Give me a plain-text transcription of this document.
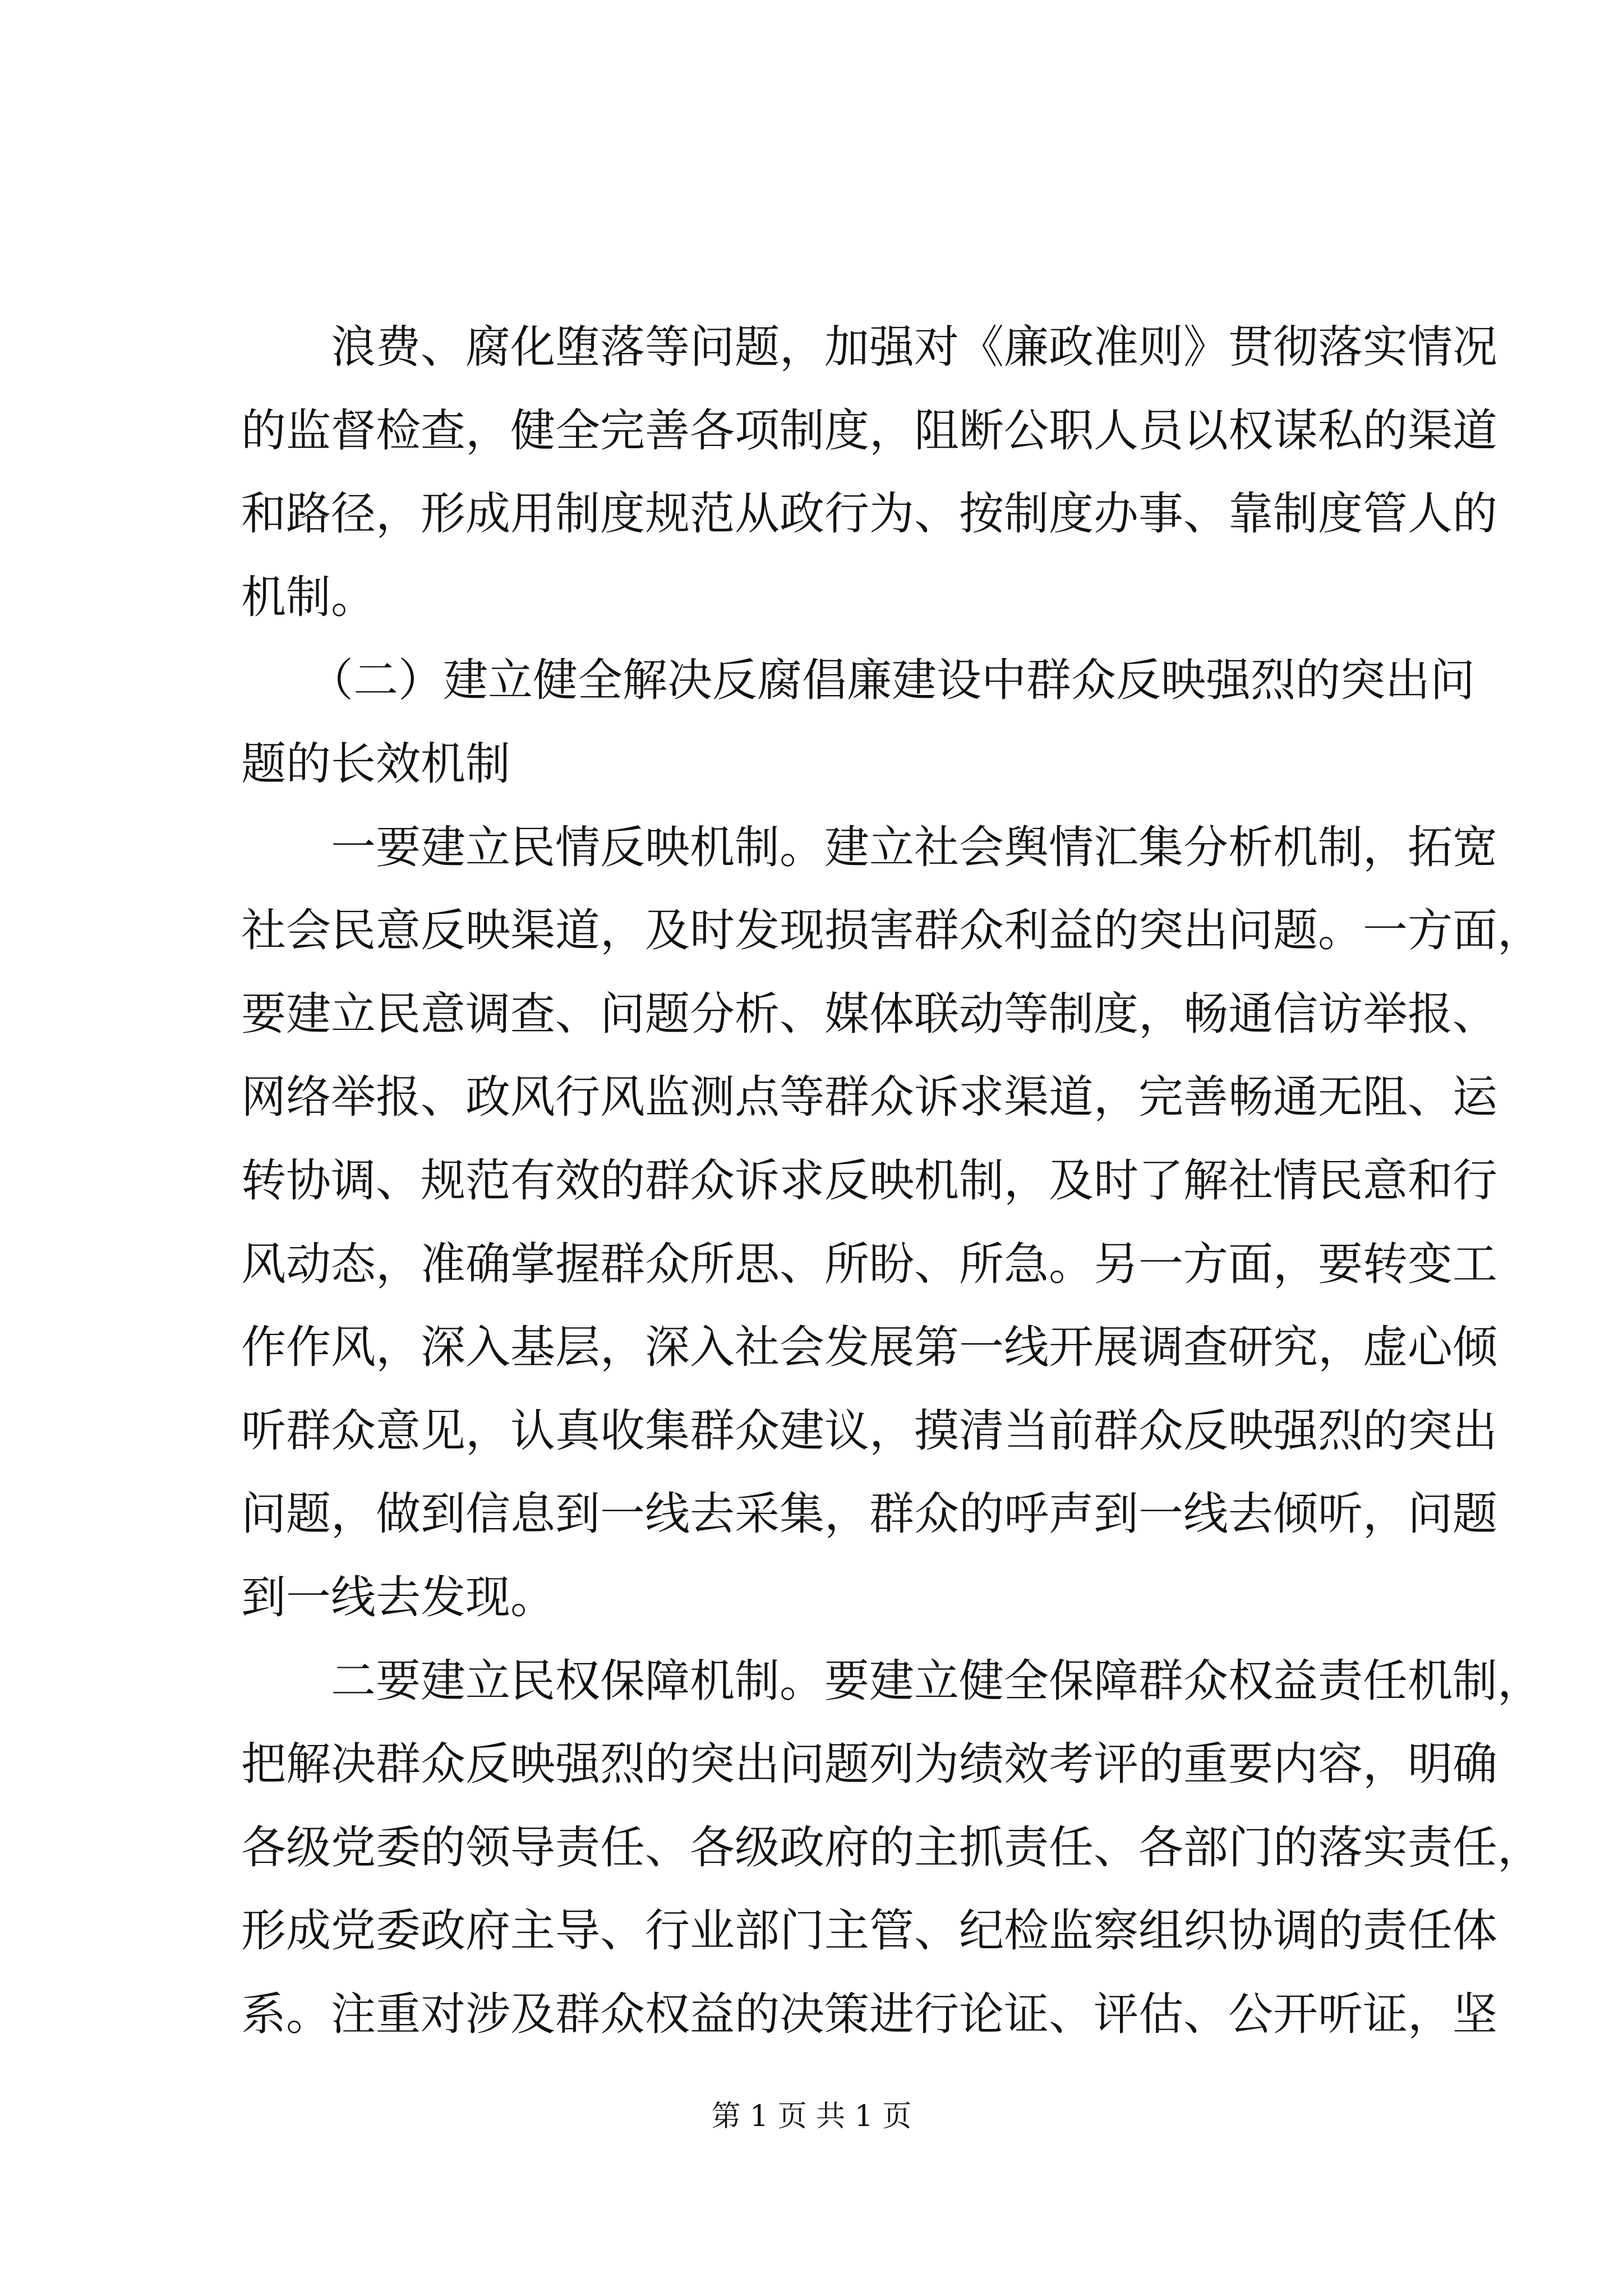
　　浪费、腐化堕落等问题，加强对《廉政准则》贯彻落实情况
的监督检查，健全完善各项制度，阻断公职人员以权谋私的渠道
和路径，形成用制度规范从政行为、按制度办事、靠制度管人的
机制。
　　（二）建立健全解决反腐倡廉建设中群众反映强烈的突出问
题的长效机制
　　一要建立民情反映机制。建立社会舆情汇集分析机制，拓宽
社会民意反映渠道，及时发现损害群众利益的突出问题。一方面，
要建立民意调查、问题分析、媒体联动等制度，畅通信访举报、
网络举报、政风行风监测点等群众诉求渠道，完善畅通无阻、运
转协调、规范有效的群众诉求反映机制，及时了解社情民意和行
风动态，准确掌握群众所思、所盼、所急。另一方面，要转变工
作作风，深入基层，深入社会发展第一线开展调查研究，虚心倾
听群众意见，认真收集群众建议，摸清当前群众反映强烈的突出
问题，做到信息到一线去采集，群众的呼声到一线去倾听，问题
到一线去发现。
　　二要建立民权保障机制。要建立健全保障群众权益责任机制，
把解决群众反映强烈的突出问题列为绩效考评的重要内容，明确
各级党委的领导责任、各级政府的主抓责任、各部门的落实责任，
形成党委政府主导、行业部门主管、纪检监察组织协调的责任体
系。注重对涉及群众权益的决策进行论证、评估、公开听证，坚
第 1 页 共 1 页
